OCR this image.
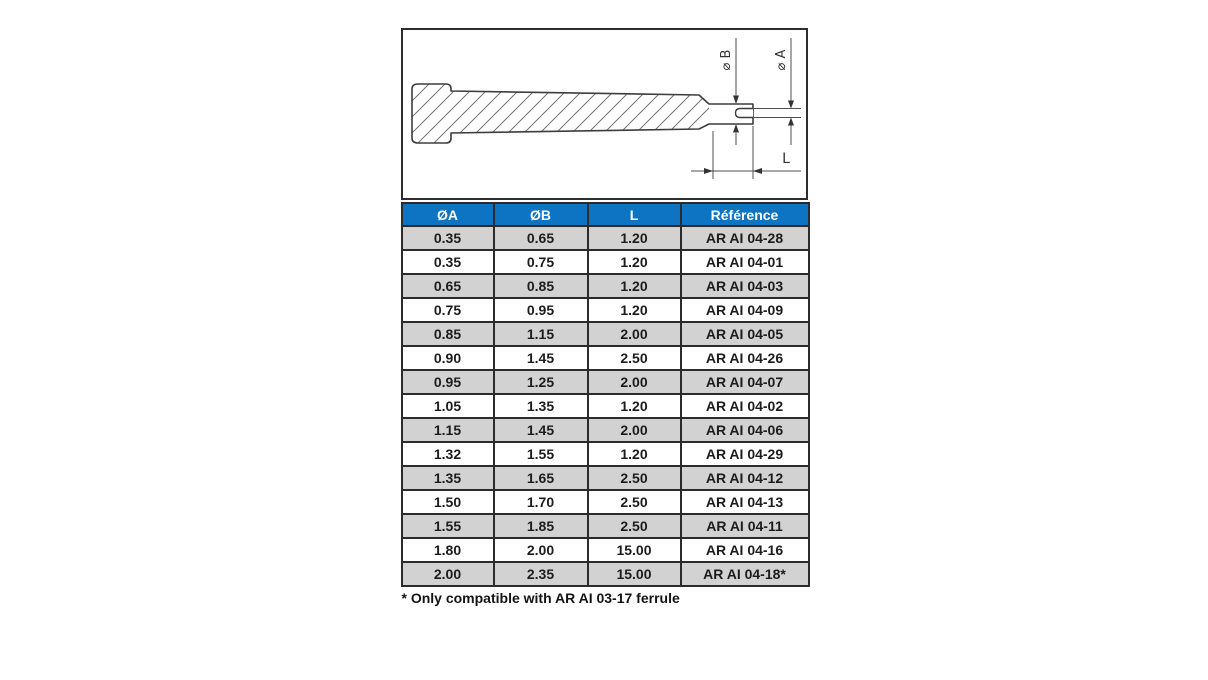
⌀ B	⌀ A
L
ØA	ØB	L	Référence
0.35	0.65	1.20	AR AI 04-28
0.35	0.75	1.20	AR AI 04-01
0.65	0.85	1.20	AR AI 04-03
0.75	0.95	1.20	AR AI 04-09
0.85	1.15	2.00	AR AI 04-05
0.90	1.45	2.50	AR AI 04-26
0.95	1.25	2.00	AR AI 04-07
1.05	1.35	1.20	AR AI 04-02
1.15	1.45	2.00	AR AI 04-06
1.32	1.55	1.20	AR AI 04-29
1.35	1.65	2.50	AR AI 04-12
1.50	1.70	2.50	AR AI 04-13
1.55	1.85	2.50	AR AI 04-11
1.80	2.00	15.00	AR AI 04-16
2.00	2.35	15.00	AR AI 04-18*

* Only compatible with AR AI 03-17 ferrule
